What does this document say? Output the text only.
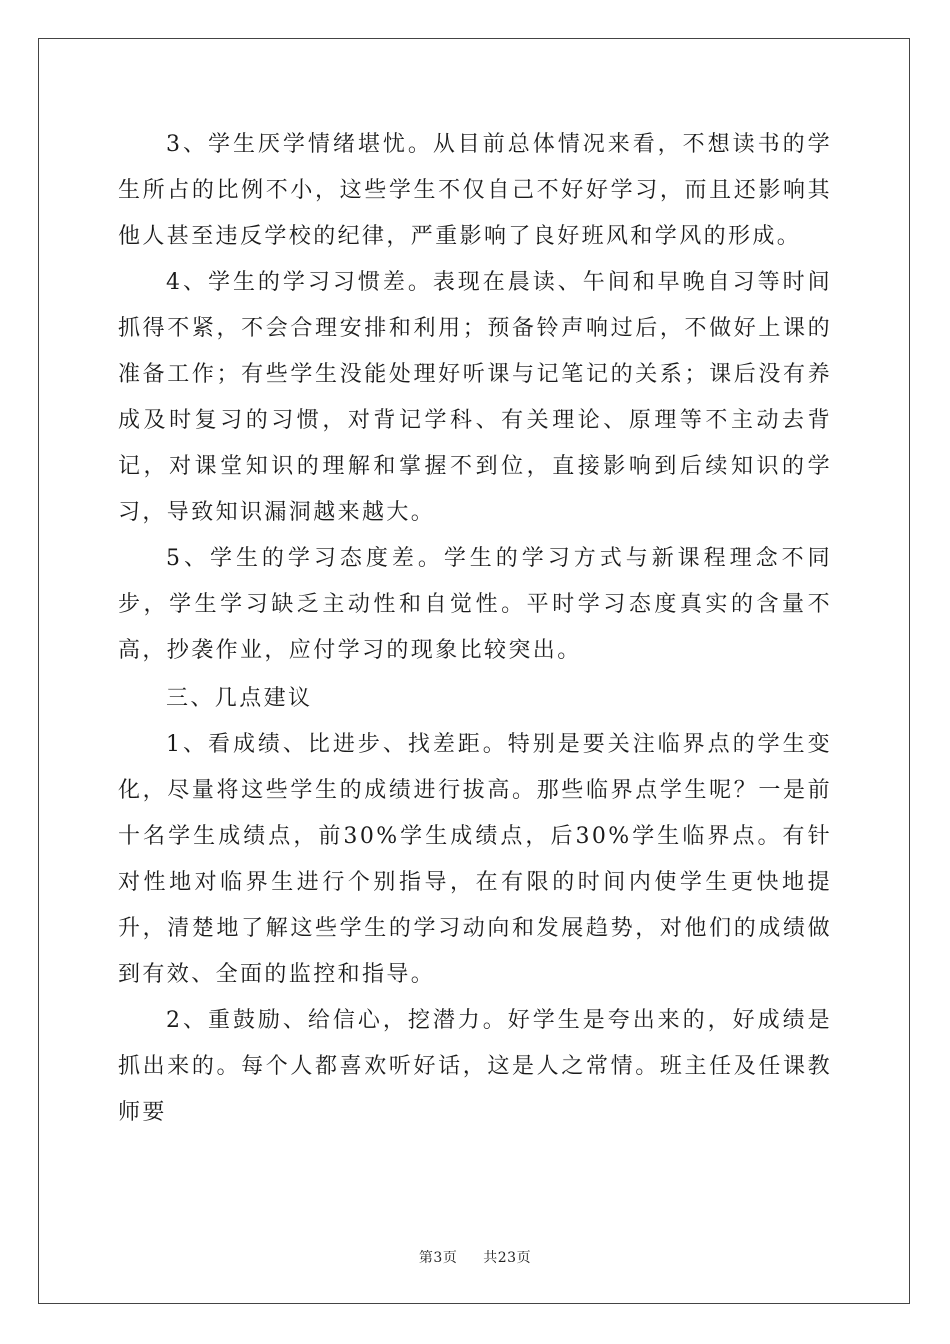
3、学生厌学情绪堪忧。从目前总体情况来看，不想读书的学生所占的比例不小，这些学生不仅自己不好好学习，而且还影响其他人甚至违反学校的纪律，严重影响了良好班风和学风的形成。

4、学生的学习习惯差。表现在晨读、午间和早晚自习等时间抓得不紧，不会合理安排和利用；预备铃声响过后，不做好上课的准备工作；有些学生没能处理好听课与记笔记的关系；课后没有养成及时复习的习惯，对背记学科、有关理论、原理等不主动去背记，对课堂知识的理解和掌握不到位，直接影响到后续知识的学习，导致知识漏洞越来越大。

5、学生的学习态度差。学生的学习方式与新课程理念不同步，学生学习缺乏主动性和自觉性。平时学习态度真实的含量不高，抄袭作业，应付学习的现象比较突出。

三、几点建议

1、看成绩、比进步、找差距。特别是要关注临界点的学生变化，尽量将这些学生的成绩进行拔高。那些临界点学生呢？一是前十名学生成绩点，前30%学生成绩点，后30%学生临界点。有针对性地对临界生进行个别指导，在有限的时间内使学生更快地提升，清楚地了解这些学生的学习动向和发展趋势，对他们的成绩做到有效、全面的监控和指导。

2、重鼓励、给信心，挖潜力。好学生是夸出来的，好成绩是抓出来的。每个人都喜欢听好话，这是人之常情。班主任及任课教师要

第3页 共23页
